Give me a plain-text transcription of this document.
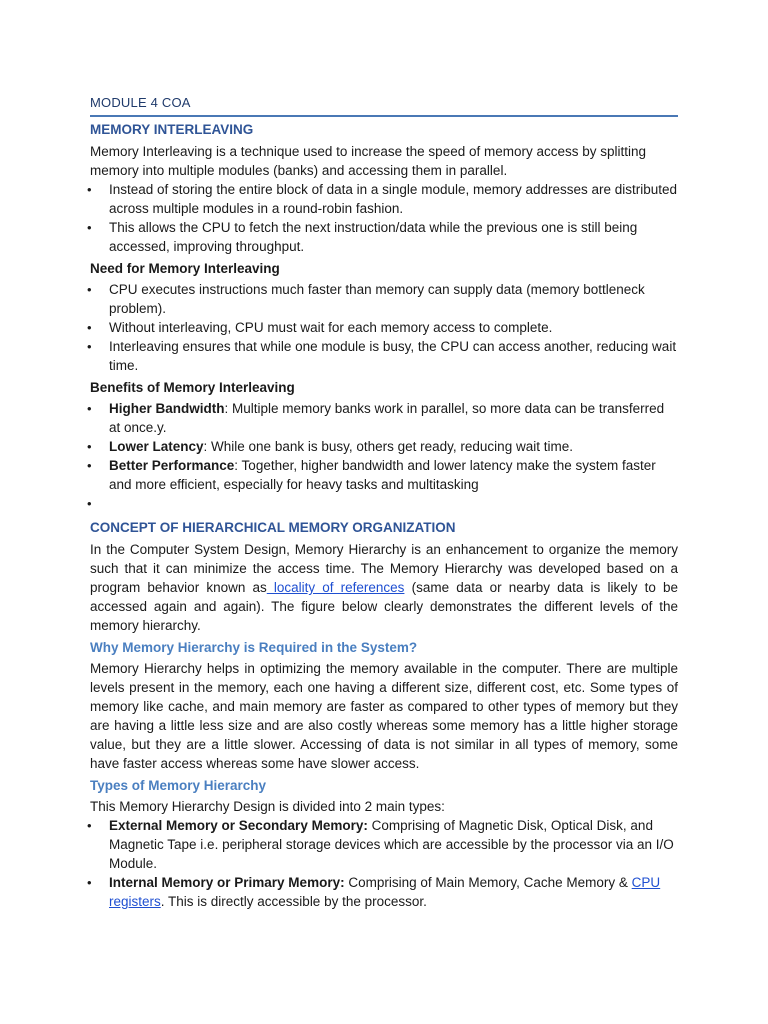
MODULE 4 COA
MEMORY INTERLEAVING

Memory Interleaving is a technique used to increase the speed of memory access by splitting memory into multiple modules (banks) and accessing them in parallel.

• Instead of storing the entire block of data in a single module, memory addresses are distributed across multiple modules in a round-robin fashion.
• This allows the CPU to fetch the next instruction/data while the previous one is still being accessed, improving throughput.
Need for Memory Interleaving
• CPU executes instructions much faster than memory can supply data (memory bottleneck problem).
• Without interleaving, CPU must wait for each memory access to complete.
• Interleaving ensures that while one module is busy, the CPU can access another, reducing wait time.
Benefits of Memory Interleaving
• Higher Bandwidth: Multiple memory banks work in parallel, so more data can be transferred at once.y.
• Lower Latency: While one bank is busy, others get ready, reducing wait time.
• Better Performance: Together, higher bandwidth and lower latency make the system faster and more efficient, especially for heavy tasks and multitasking
•
CONCEPT OF HIERARCHICAL MEMORY ORGANIZATION

In the Computer System Design, Memory Hierarchy is an enhancement to organize the memory such that it can minimize the access time. The Memory Hierarchy was developed based on a program behavior known as locality of references (same data or nearby data is likely to be accessed again and again). The figure below clearly demonstrates the different levels of the memory hierarchy.

Why Memory Hierarchy is Required in the System?

Memory Hierarchy helps in optimizing the memory available in the computer. There are multiple levels present in the memory, each one having a different size, different cost, etc. Some types of memory like cache, and main memory are faster as compared to other types of memory but they are having a little less size and are also costly whereas some memory has a little higher storage value, but they are a little slower. Accessing of data is not similar in all types of memory, some have faster access whereas some have slower access.

Types of Memory Hierarchy

This Memory Hierarchy Design is divided into 2 main types:

• External Memory or Secondary Memory: Comprising of Magnetic Disk, Optical Disk, and Magnetic Tape i.e. peripheral storage devices which are accessible by the processor via an I/O Module.
• Internal Memory or Primary Memory: Comprising of Main Memory, Cache Memory & CPU registers. This is directly accessible by the processor.
